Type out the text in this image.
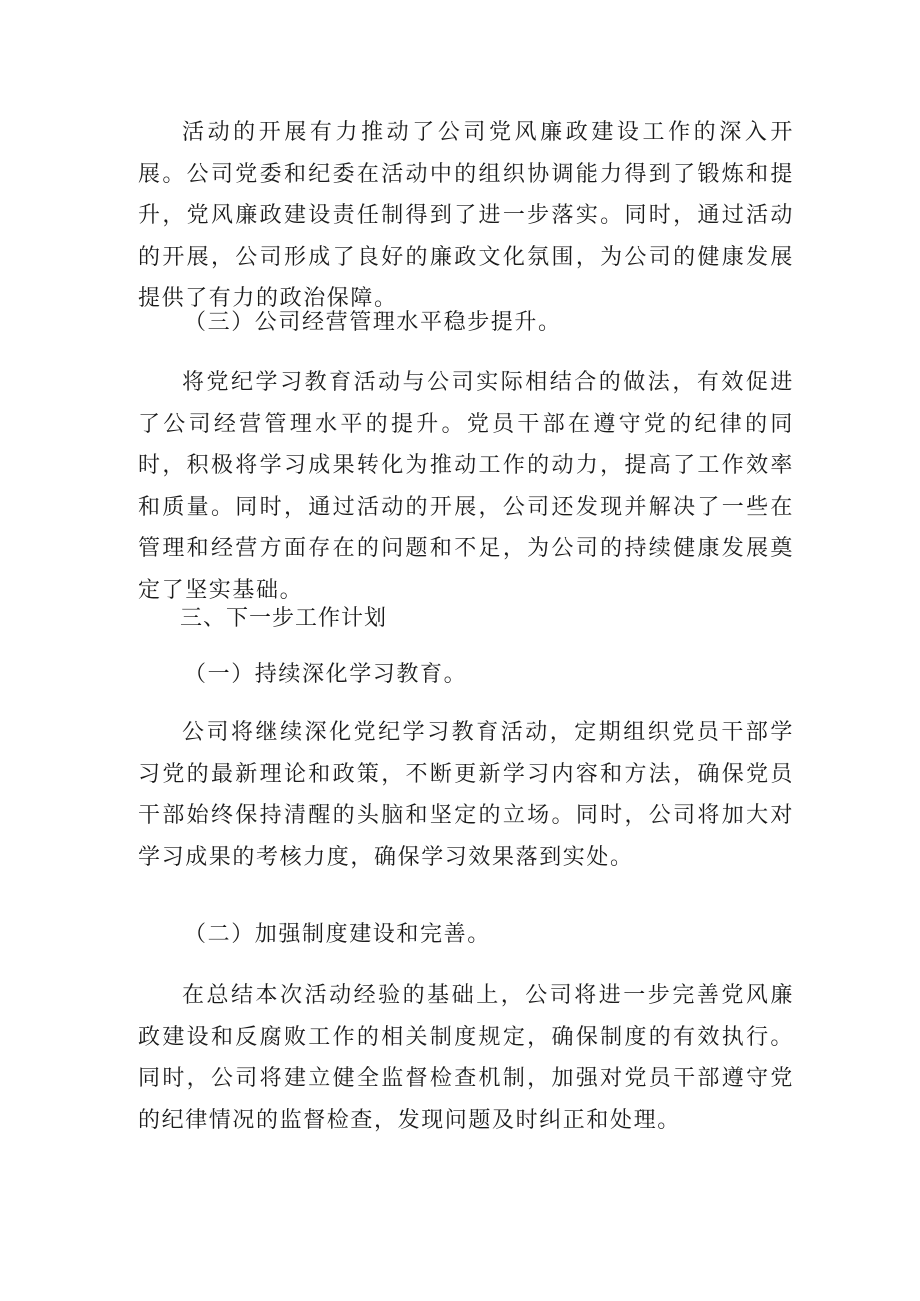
活动的开展有力推动了公司党风廉政建设工作的深入开展。公司党委和纪委在活动中的组织协调能力得到了锻炼和提升，党风廉政建设责任制得到了进一步落实。同时，通过活动的开展，公司形成了良好的廉政文化氛围，为公司的健康发展提供了有力的政治保障。

（三）公司经营管理水平稳步提升。

将党纪学习教育活动与公司实际相结合的做法，有效促进了公司经营管理水平的提升。党员干部在遵守党的纪律的同时，积极将学习成果转化为推动工作的动力，提高了工作效率和质量。同时，通过活动的开展，公司还发现并解决了一些在管理和经营方面存在的问题和不足，为公司的持续健康发展奠定了坚实基础。

三、下一步工作计划

（一）持续深化学习教育。

公司将继续深化党纪学习教育活动，定期组织党员干部学习党的最新理论和政策，不断更新学习内容和方法，确保党员干部始终保持清醒的头脑和坚定的立场。同时，公司将加大对学习成果的考核力度，确保学习效果落到实处。

（二）加强制度建设和完善。

在总结本次活动经验的基础上，公司将进一步完善党风廉政建设和反腐败工作的相关制度规定，确保制度的有效执行。同时，公司将建立健全监督检查机制，加强对党员干部遵守党的纪律情况的监督检查，发现问题及时纠正和处理。
